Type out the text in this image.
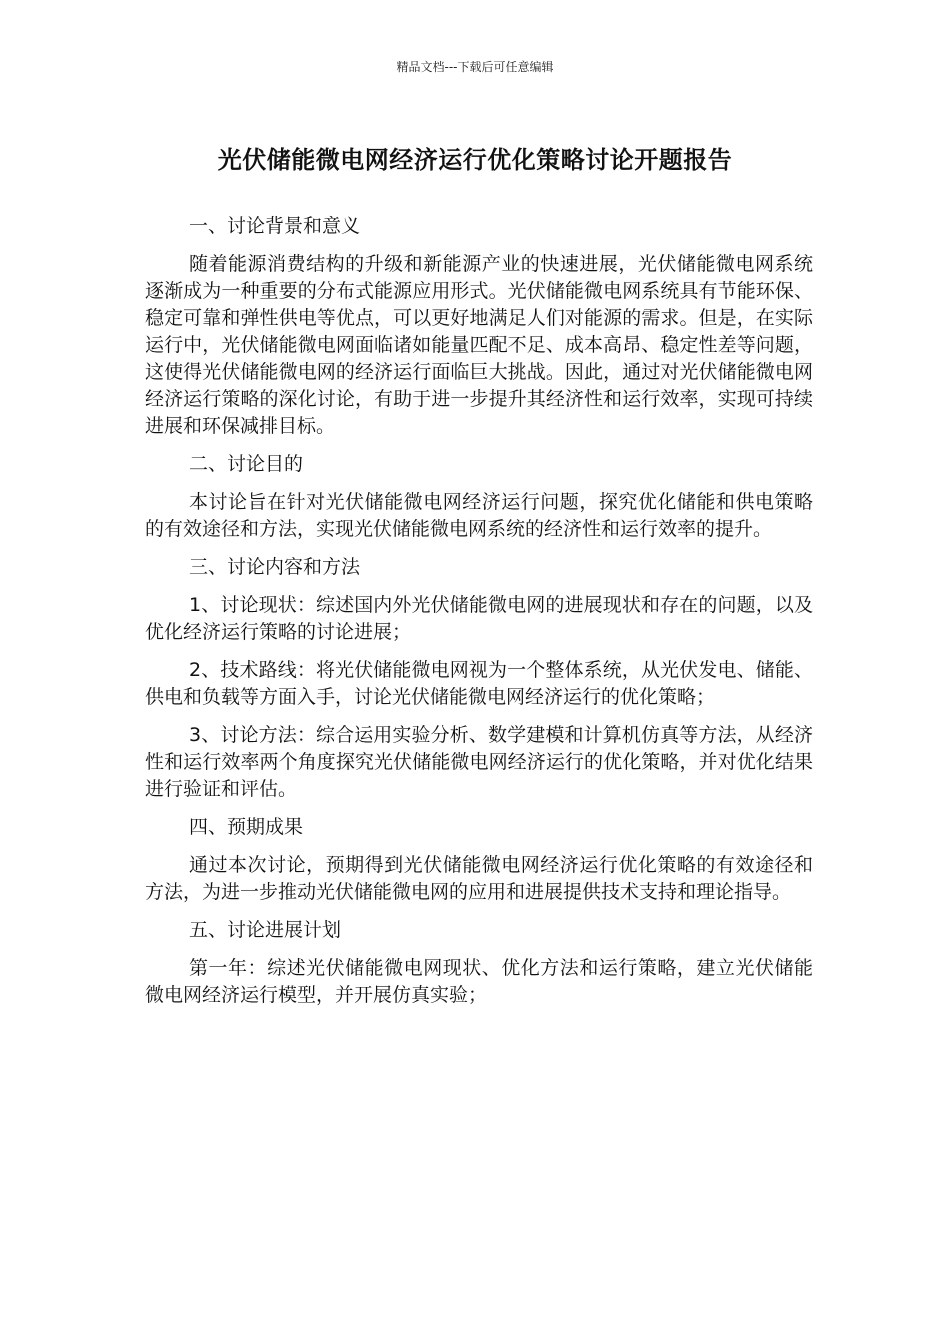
精品文档---下载后可任意编辑
光伏储能微电网经济运行优化策略讨论开题报告

一、讨论背景和意义

随着能源消费结构的升级和新能源产业的快速进展，光伏储能微电网系统逐渐成为一种重要的分布式能源应用形式。光伏储能微电网系统具有节能环保、稳定可靠和弹性供电等优点，可以更好地满足人们对能源的需求。但是，在实际运行中，光伏储能微电网面临诸如能量匹配不足、成本高昂、稳定性差等问题，这使得光伏储能微电网的经济运行面临巨大挑战。因此，通过对光伏储能微电网经济运行策略的深化讨论，有助于进一步提升其经济性和运行效率，实现可持续进展和环保减排目标。

二、讨论目的

本讨论旨在针对光伏储能微电网经济运行问题，探究优化储能和供电策略的有效途径和方法，实现光伏储能微电网系统的经济性和运行效率的提升。

三、讨论内容和方法

1、讨论现状：综述国内外光伏储能微电网的进展现状和存在的问题，以及优化经济运行策略的讨论进展；

2、技术路线：将光伏储能微电网视为一个整体系统，从光伏发电、储能、供电和负载等方面入手，讨论光伏储能微电网经济运行的优化策略；

3、讨论方法：综合运用实验分析、数学建模和计算机仿真等方法，从经济性和运行效率两个角度探究光伏储能微电网经济运行的优化策略，并对优化结果进行验证和评估。

四、预期成果

通过本次讨论，预期得到光伏储能微电网经济运行优化策略的有效途径和方法，为进一步推动光伏储能微电网的应用和进展提供技术支持和理论指导。

五、讨论进展计划

第一年：综述光伏储能微电网现状、优化方法和运行策略，建立光伏储能微电网经济运行模型，并开展仿真实验；
